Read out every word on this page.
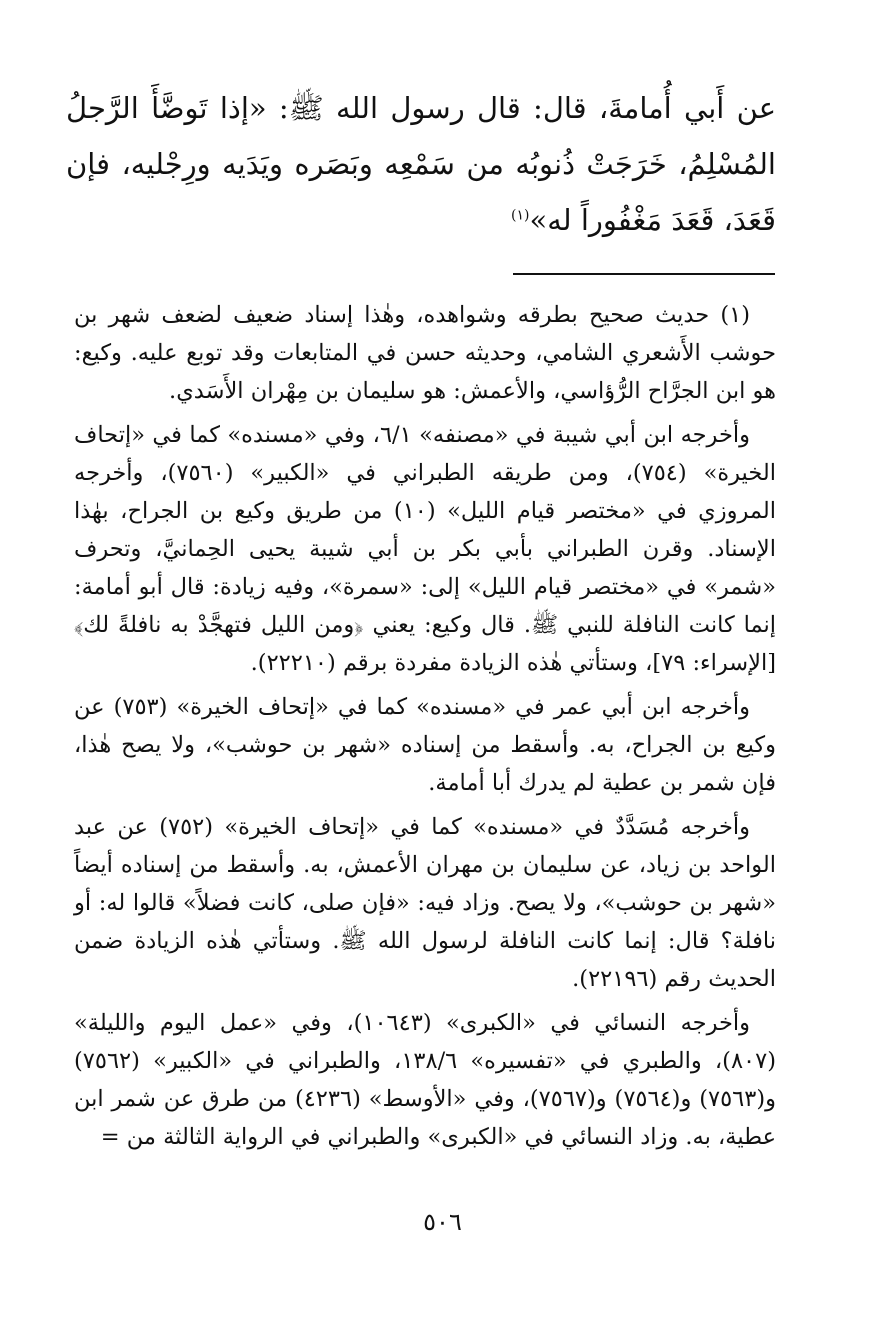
عن أَبي أُمامةَ، قال: قال رسول الله ﷺ: «إذا تَوضَّأَ الرَّجلُ المُسْلِمُ، خَرَجَتْ ذُنوبُه من سَمْعِه وبَصَره ويَدَيه ورِجْليه، فإن قَعَدَ، قَعَدَ مَغْفُوراً له»$^{(١)}$

(١) حديث صحيح بطرقه وشواهده، وهٰذا إسناد ضعيف لضعف شهر بن حوشب الأَشعري الشامي، وحديثه حسن في المتابعات وقد توبع عليه. وكيع: هو ابن الجرَّاح الرُّؤاسي، والأعمش: هو سليمان بن مِهْران الأَسَدي.

وأخرجه ابن أبي شيبة في «مصنفه» ٦/١، وفي «مسنده» كما في «إتحاف الخيرة» (٧٥٤)، ومن طريقه الطبراني في «الكبير» (٧٥٦٠)، وأخرجه المروزي في «مختصر قيام الليل» (١٠) من طريق وكيع بن الجراح، بهٰذا الإسناد. وقرن الطبراني بأبي بكر بن أبي شيبة يحيى الحِمانيَّ، وتحرف «شمر» في «مختصر قيام الليل» إلى: «سمرة»، وفيه زيادة: قال أبو أمامة: إنما كانت النافلة للنبي ﷺ. قال وكيع: يعني ﴿ومن الليل فتهجَّدْ به نافلةً لك﴾ [الإسراء: ٧٩]، وستأتي هٰذه الزيادة مفردة برقم (٢٢٢١٠).

وأخرجه ابن أبي عمر في «مسنده» كما في «إتحاف الخيرة» (٧٥٣) عن وكيع بن الجراح، به. وأسقط من إسناده «شهر بن حوشب»، ولا يصح هٰذا، فإن شمر بن عطية لم يدرك أبا أمامة.

وأخرجه مُسَدَّدٌ في «مسنده» كما في «إتحاف الخيرة» (٧٥٢) عن عبد الواحد بن زياد، عن سليمان بن مهران الأعمش، به. وأسقط من إسناده أيضاً «شهر بن حوشب»، ولا يصح. وزاد فيه: «فإن صلى، كانت فضلاً» قالوا له: أو نافلة؟ قال: إنما كانت النافلة لرسول الله ﷺ. وستأتي هٰذه الزيادة ضمن الحديث رقم (٢٢١٩٦).

وأخرجه النسائي في «الكبرى» (١٠٦٤٣)، وفي «عمل اليوم والليلة» (٨٠٧)، والطبري في «تفسيره» ١٣٨/٦، والطبراني في «الكبير» (٧٥٦٢) و(٧٥٦٣) و(٧٥٦٤) و(٧٥٦٧)، وفي «الأوسط» (٤٢٣٦) من طرق عن شمر ابن عطية، به. وزاد النسائي في «الكبرى» والطبراني في الرواية الثالثة من =

٥٠٦
